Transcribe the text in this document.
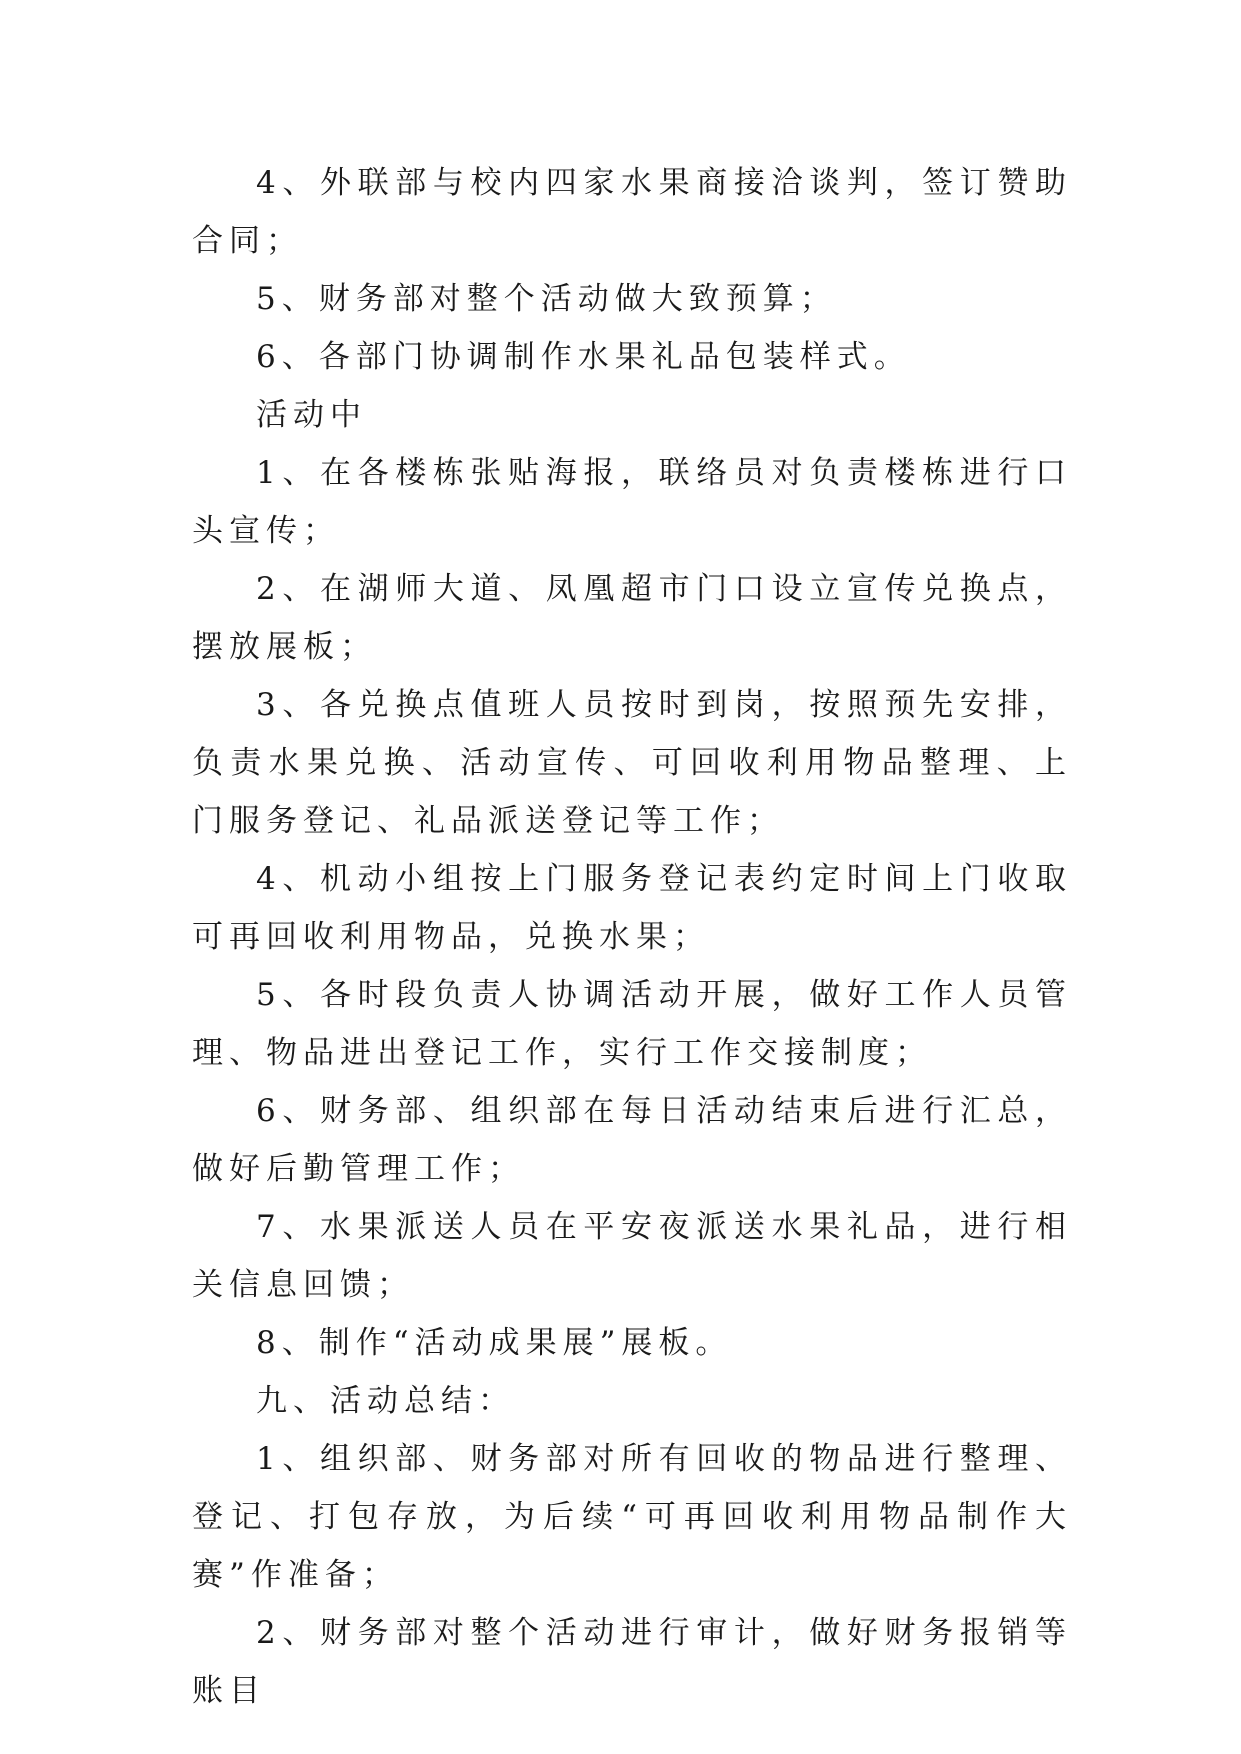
4、外联部与校内四家水果商接洽谈判，签订赞助合同；

5、财务部对整个活动做大致预算；

6、各部门协调制作水果礼品包装样式。

活动中

1、在各楼栋张贴海报，联络员对负责楼栋进行口头宣传；

2、在湖师大道、凤凰超市门口设立宣传兑换点，摆放展板；

3、各兑换点值班人员按时到岗，按照预先安排，负责水果兑换、活动宣传、可回收利用物品整理、上门服务登记、礼品派送登记等工作；

4、机动小组按上门服务登记表约定时间上门收取可再回收利用物品，兑换水果；

5、各时段负责人协调活动开展，做好工作人员管理、物品进出登记工作，实行工作交接制度；

6、财务部、组织部在每日活动结束后进行汇总，做好后勤管理工作；

7、水果派送人员在平安夜派送水果礼品，进行相关信息回馈；

8、制作“活动成果展”展板。

九、活动总结：

1、组织部、财务部对所有回收的物品进行整理、登记、打包存放，为后续“可再回收利用物品制作大赛”作准备；

2、财务部对整个活动进行审计，做好财务报销等账目
